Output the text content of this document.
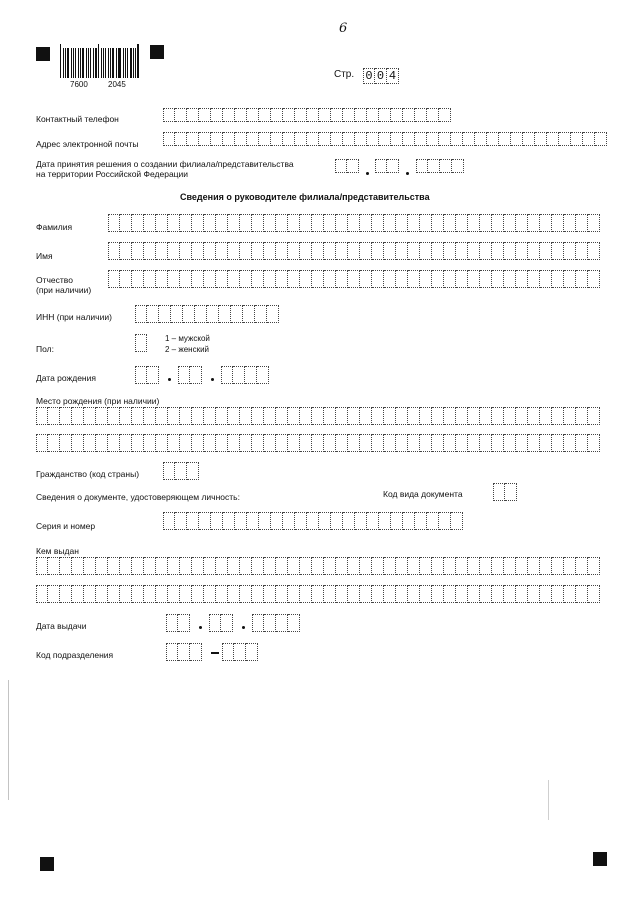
6
7600	2045
Стр. 0 0 4
Контактный телефон
Адрес электронной почты
Дата принятия решения о создании филиала/представительства
на территории Российской Федерации
Сведения о руководителе филиала/представительства
Фамилия
Имя
Отчество
(при наличии)
ИНН (при наличии)
Пол:
1 – мужской
2 – женский
Дата рождения
Место рождения (при наличии)
Гражданство (код страны)
Сведения о документе, удостоверяющем личность:	Код вида документа
Серия и номер
Кем выдан
Дата выдачи
Код подразделения
